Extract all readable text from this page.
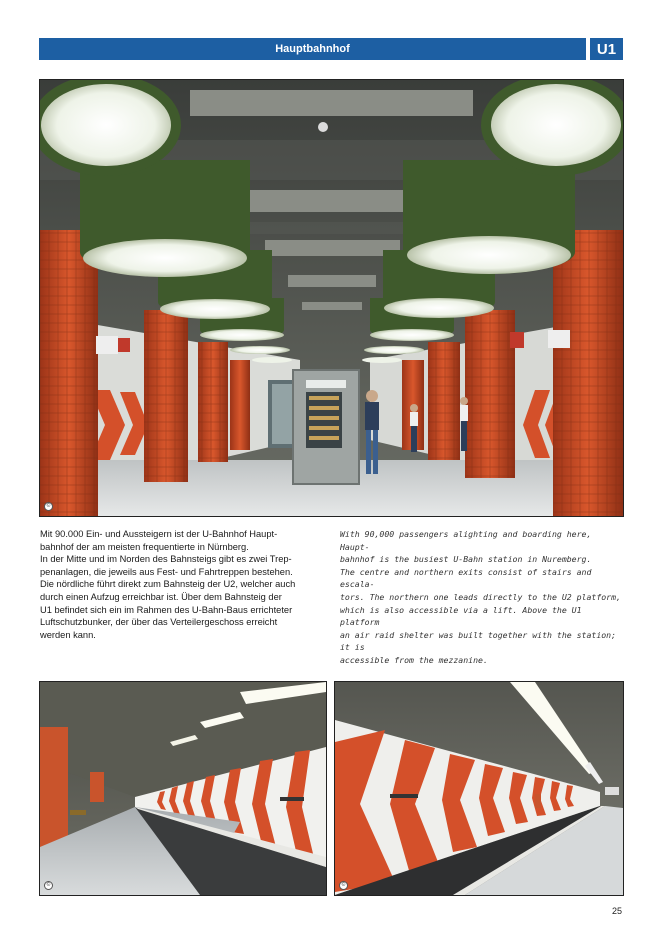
Hauptbahnhof	U1
©

Mit 90.000 Ein- und Aussteigern ist der U-Bahnhof Haupt-

bahnhof der am meisten frequentierte in Nürnberg.

In der Mitte und im Norden des Bahnsteigs gibt es zwei Trep-

penanlagen, die jeweils aus Fest- und Fahrtreppen bestehen.

Die nördliche führt direkt zum Bahnsteig der U2, welcher auch

durch einen Aufzug erreichbar ist. Über dem Bahnsteig der

U1 befindet sich ein im Rahmen des U-Bahn-Baus errichteter

Luftschutzbunker, der über das Verteilergeschoss erreicht

werden kann.

With 90,000 passengers alighting and boarding here, Haupt-

bahnhof is the busiest U-Bahn station in Nuremberg.

The centre and northern exits consist of stairs and escala-

tors. The northern one leads directly to the U2 platform,

which is also accessible via a lift. Above the U1 platform

an air raid shelter was built together with the station; it is

accessible from the mezzanine.

©	©
25
